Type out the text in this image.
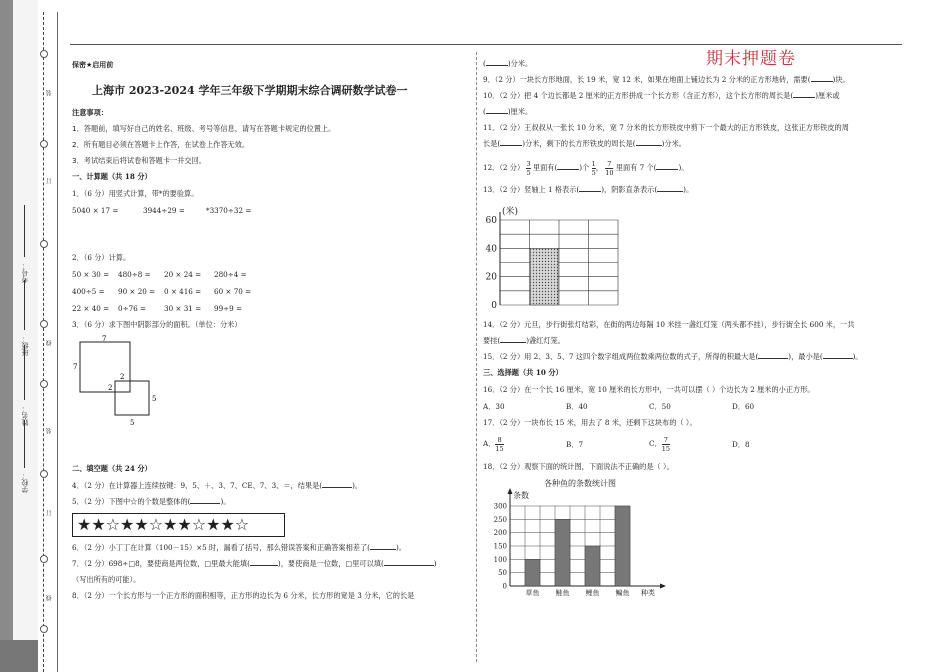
学校：
姓名：
班级：
考号：
装
订
线
装
订
线
期末押题卷
保密★启用前
上海市 2023-2024 学年三年级下学期期末综合调研数学试卷一
注意事项：
1．答题前，填写好自己的姓名、班级、考号等信息，请写在答题卡规定的位置上。
2．所有题目必须在答题卡上作答，在试卷上作答无效。
3．考试结束后将试卷和答题卡一并交回。
一、计算题（共 18 分）
1．（6 分）用竖式计算，带*的要验算。
5040 × 17 =	3944÷29 =	*3370÷32 =
2．（6 分）计算。
50 × 30 = 480÷8 = 20 × 24 = 280÷4 =
400÷5 = 90 × 20 = 0 × 416 = 60 × 70 =
22 × 40 = 0÷76 = 30 × 31 = 99÷9 =
3．（6 分）求下图中阴影部分的面积。（单位：分米）
7
7
2
2
5
5
二、填空题（共 24 分）
4．（2 分）在计算器上连续按键：9、5、＋、3、7、CE、7、3、＝，结果是(	)。
5．（2 分）下图中☆的个数是整体的(	)。
★★☆★★☆★★☆★★☆
6．（2 分）小丁丁在计算（100－15）×5 时，漏看了括号，那么错误答案和正确答案相差了(	)。
7．（2 分）698÷□8，要使商是两位数，□里最大能填(	)，要使商是一位数，□里可以填(	)
（写出所有的可能）。
8．（2 分）一个长方形与一个正方形的面积相等，正方形的边长为 6 分米，长方形的宽是 3 分米，它的长是
(	)分米。
9．（2 分）一块长方形地面，长 19 米，宽 12 米，如果在地面上铺边长为 2 分米的正方形地砖，需要(	)块。
10．（2 分）把 4 个边长都是 2 厘米的正方形拼成一个长方形（含正方形），这个长方形的周长是(	)厘米或
(	)厘米。
11．（2 分）王叔叔从一张长 10 分米，宽 7 分米的长方形铁皮中剪下一个最大的正方形铁皮，这张正方形铁皮的周
长是(	)分米，剩下的长方形铁皮的周长是(	)分米。
12．（2 分） $\frac{3}{5}$ 里面有(	)个 $\frac{1}{5}$ ， $\frac{7}{10}$ 里面有 7 个(	)。
13．（2 分）竖轴上 1 格表示(	)，阴影直条表示(	)。
0
20
40
60
(米)
14．（2 分）元旦，步行街张灯结彩，在街的两边每隔 10 米挂一盏红灯笼（两头都不挂），步行街全长 600 米，一共
要挂(	)盏红灯笼。
15．（2 分）用 2、3、5、7 这四个数字组成两位数乘两位数的式子，所得的积最大是(	)，最小是(	)。
三、选择题（共 10 分）
16．（2 分）在一个长 16 厘米，宽 10 厘米的长方形中，一共可以摆（ ）个边长为 2 厘米的小正方形。
A．30	B．40	C．50	D．60
17．（2 分）一块布长 15 米，用去了 8 米，还剩下这块布的（ ）。
A． $\frac{8}{15}$	B．7	C． $\frac{7}{15}$	D．8
18．（2 分）观察下面的统计图，下面说法不正确的是（ ）。
0
50
100
150
200
250
300
草鱼 鲢鱼 鲤鱼 鳊鱼
各种鱼的条数统计图
条数
种类
